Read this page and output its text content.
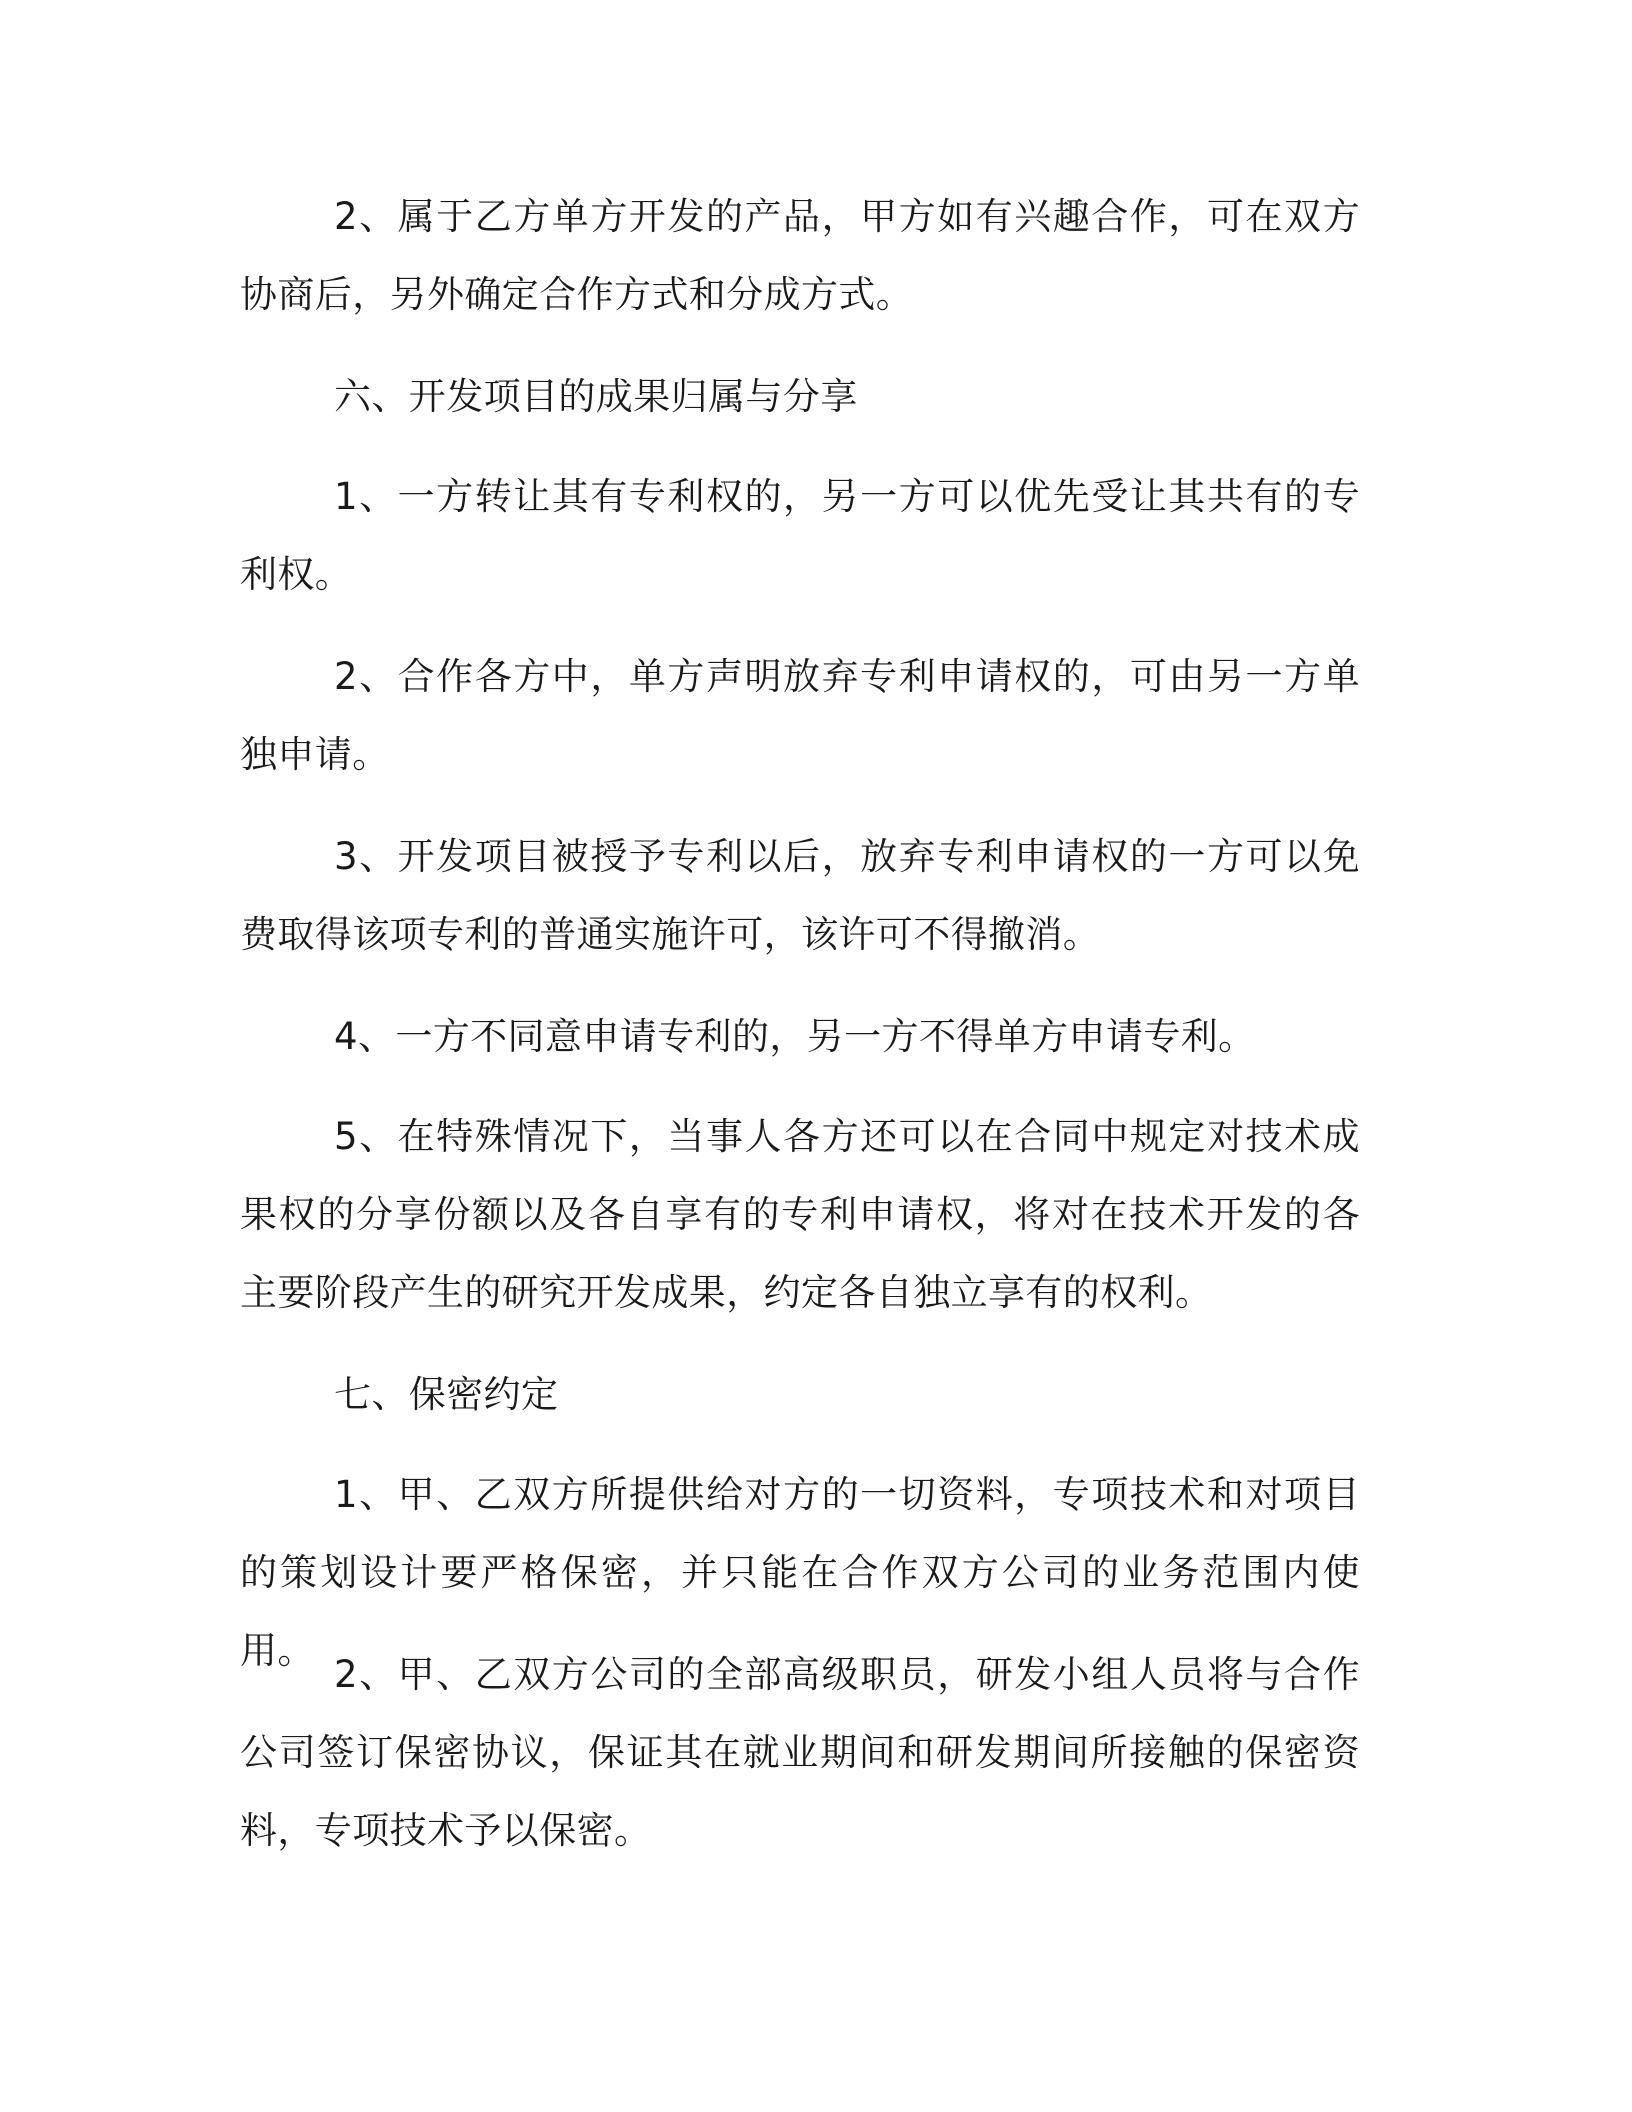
2、属于乙方单方开发的产品，甲方如有兴趣合作，可在双方协商后，另外确定合作方式和分成方式。

六、开发项目的成果归属与分享

1、一方转让其有专利权的，另一方可以优先受让其共有的专利权。

2、合作各方中，单方声明放弃专利申请权的，可由另一方单独申请。

3、开发项目被授予专利以后，放弃专利申请权的一方可以免费取得该项专利的普通实施许可，该许可不得撤消。

4、一方不同意申请专利的，另一方不得单方申请专利。

5、在特殊情况下，当事人各方还可以在合同中规定对技术成果权的分享份额以及各自享有的专利申请权，将对在技术开发的各主要阶段产生的研究开发成果，约定各自独立享有的权利。

七、保密约定

1、甲、乙双方所提供给对方的一切资料，专项技术和对项目的策划设计要严格保密，并只能在合作双方公司的业务范围内使用。

2、甲、乙双方公司的全部高级职员，研发小组人员将与合作公司签订保密协议，保证其在就业期间和研发期间所接触的保密资料，专项技术予以保密。
